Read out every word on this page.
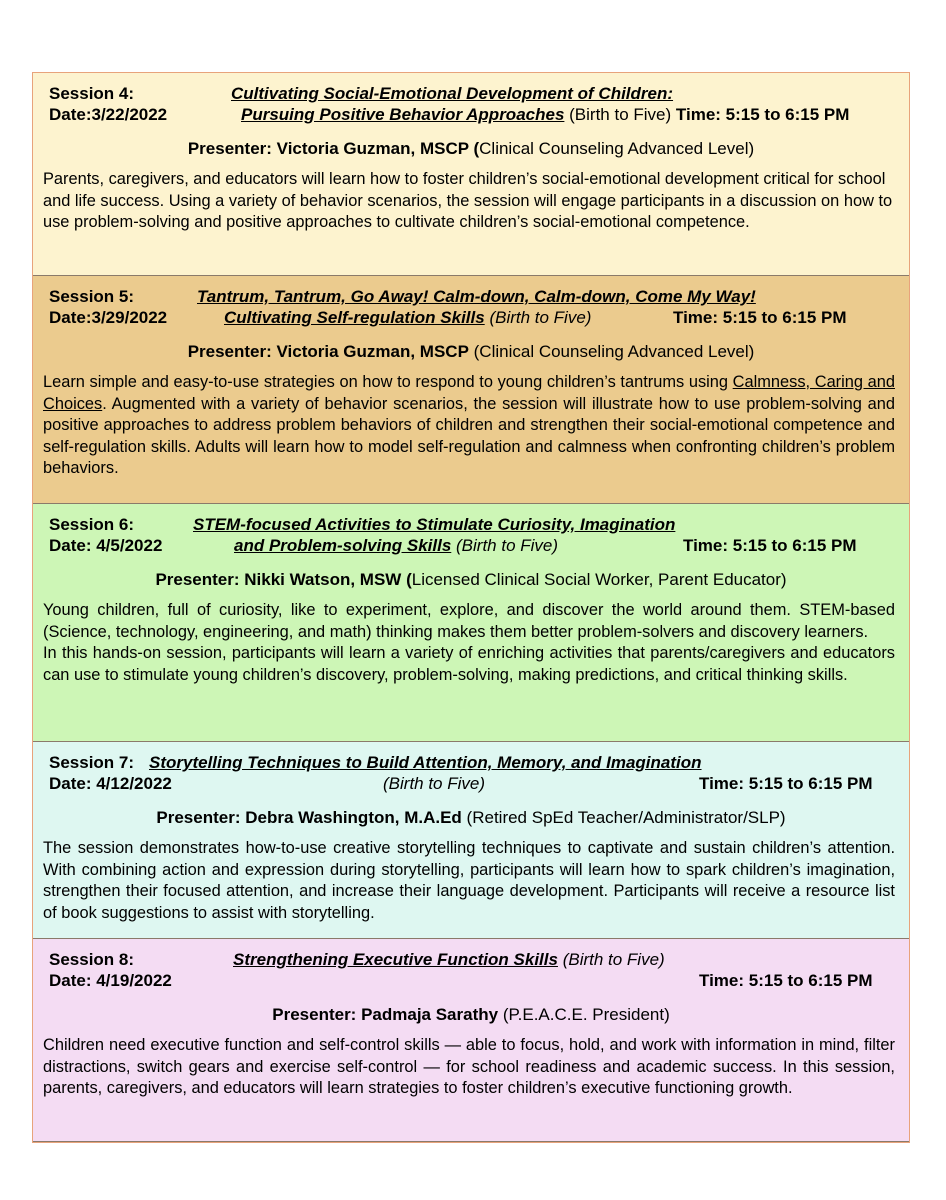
Session 4:	Cultivating Social-Emotional Development of Children:
Date:3/22/2022	Pursuing Positive Behavior Approaches (Birth to Five) Time: 5:15 to 6:15 PM
Presenter: Victoria Guzman, MSCP (Clinical Counseling Advanced Level)
Parents, caregivers, and educators will learn how to foster children’s social-emotional development critical for school and life success. Using a variety of behavior scenarios, the session will engage participants in a discussion on how to use problem-solving and positive approaches to cultivate children’s social-emotional competence.
Session 5:	Tantrum, Tantrum, Go Away! Calm-down, Calm-down, Come My Way!
Date:3/29/2022	Cultivating Self-regulation Skills (Birth to Five)	Time: 5:15 to 6:15 PM
Presenter: Victoria Guzman, MSCP (Clinical Counseling Advanced Level)
Learn simple and easy-to-use strategies on how to respond to young children’s tantrums using Calmness, Caring and Choices. Augmented with a variety of behavior scenarios, the session will illustrate how to use problem-solving and positive approaches to address problem behaviors of children and strengthen their social-emotional competence and self-regulation skills. Adults will learn how to model self-regulation and calmness when confronting children’s problem behaviors.
Session 6:	STEM-focused Activities to Stimulate Curiosity, Imagination
Date: 4/5/2022	and Problem-solving Skills (Birth to Five)	Time: 5:15 to 6:15 PM
Presenter: Nikki Watson, MSW (Licensed Clinical Social Worker, Parent Educator)
Young children, full of curiosity, like to experiment, explore, and discover the world around them. STEM-based (Science, technology, engineering, and math) thinking makes them better problem-solvers and discovery learners.
In this hands-on session, participants will learn a variety of enriching activities that parents/caregivers and educators can use to stimulate young children’s discovery, problem-solving, making predictions, and critical thinking skills.
Session 7: Storytelling Techniques to Build Attention, Memory, and Imagination
Date: 4/12/2022	(Birth to Five)	Time: 5:15 to 6:15 PM
Presenter: Debra Washington, M.A.Ed (Retired SpEd Teacher/Administrator/SLP)
The session demonstrates how-to-use creative storytelling techniques to captivate and sustain children’s attention. With combining action and expression during storytelling, participants will learn how to spark children’s imagination, strengthen their focused attention, and increase their language development. Participants will receive a resource list of book suggestions to assist with storytelling.
Session 8:	Strengthening Executive Function Skills (Birth to Five)
Date: 4/19/2022	Time: 5:15 to 6:15 PM
Presenter: Padmaja Sarathy (P.E.A.C.E. President)
Children need executive function and self-control skills — able to focus, hold, and work with information in mind, filter distractions, switch gears and exercise self-control — for school readiness and academic success. In this session, parents, caregivers, and educators will learn strategies to foster children’s executive functioning growth.
